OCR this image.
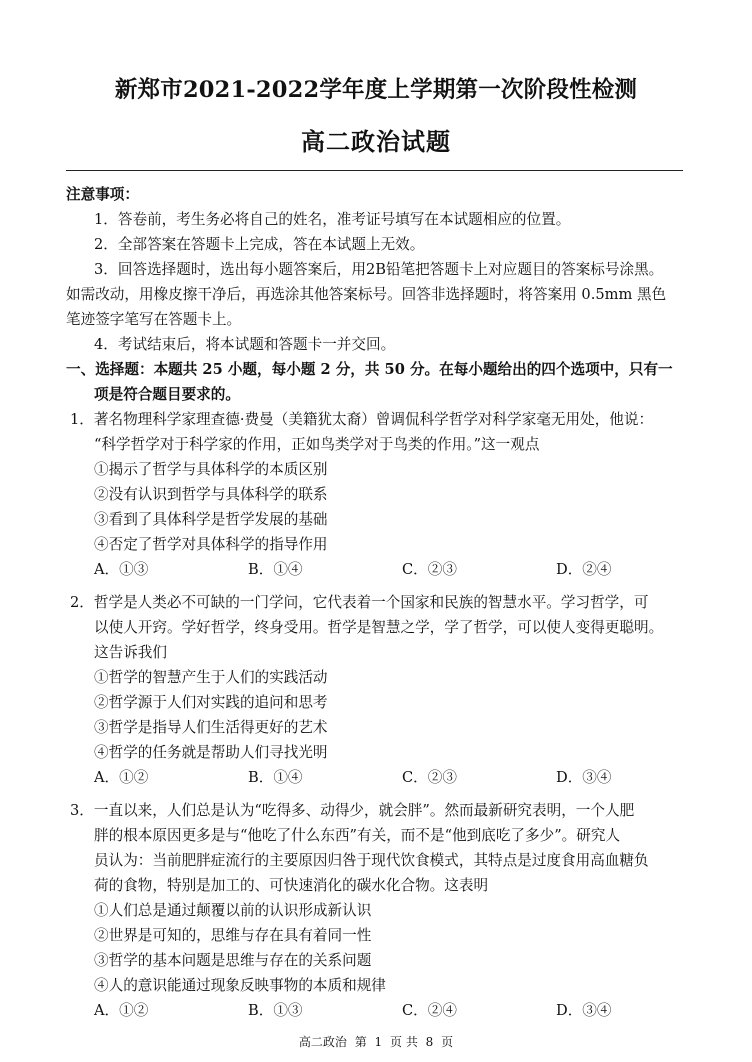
新郑市2021-2022学年度上学期第一次阶段性检测
高二政治试题
注意事项：
1．答卷前，考生务必将自己的姓名，准考证号填写在本试题相应的位置。
2．全部答案在答题卡上完成，答在本试题上无效。
3．回答选择题时，选出每小题答案后，用2B铅笔把答题卡上对应题目的答案标号涂黑。
如需改动，用橡皮擦干净后，再选涂其他答案标号。回答非选择题时，将答案用 0.5mm 黑色
笔迹签字笔写在答题卡上。
4．考试结束后，将本试题和答题卡一并交回。
一、选择题：本题共 25 小题，每小题 2 分，共 50 分。在每小题给出的四个选项中，只有一
项是符合题目要求的。
1．著名物理科学家理查德·费曼（美籍犹太裔）曾调侃科学哲学对科学家毫无用处，他说：
“科学哲学对于科学家的作用，正如鸟类学对于鸟类的作用。”这一观点
①揭示了哲学与具体科学的本质区别
②没有认识到哲学与具体科学的联系
③看到了具体科学是哲学发展的基础
④否定了哲学对具体科学的指导作用
A．①③	B．①④	C．②③	D．②④
2．哲学是人类必不可缺的一门学问，它代表着一个国家和民族的智慧水平。学习哲学，可
以使人开窍。学好哲学，终身受用。哲学是智慧之学，学了哲学，可以使人变得更聪明。
这告诉我们
①哲学的智慧产生于人们的实践活动
②哲学源于人们对实践的追问和思考
③哲学是指导人们生活得更好的艺术
④哲学的任务就是帮助人们寻找光明
A．①②	B．①④	C．②③	D．③④
3．一直以来，人们总是认为“吃得多、动得少，就会胖”。然而最新研究表明，一个人肥
胖的根本原因更多是与“他吃了什么东西”有关，而不是“他到底吃了多少”。研究人
员认为：当前肥胖症流行的主要原因归咎于现代饮食模式，其特点是过度食用高血糖负
荷的食物，特别是加工的、可快速消化的碳水化合物。这表明
①人们总是通过颠覆以前的认识形成新认识
②世界是可知的，思维与存在具有着同一性
③哲学的基本问题是思维与存在的关系问题
④人的意识能通过现象反映事物的本质和规律
A．①②	B．①③	C．②④	D．③④
高二政治 第 1 页 共 8 页
